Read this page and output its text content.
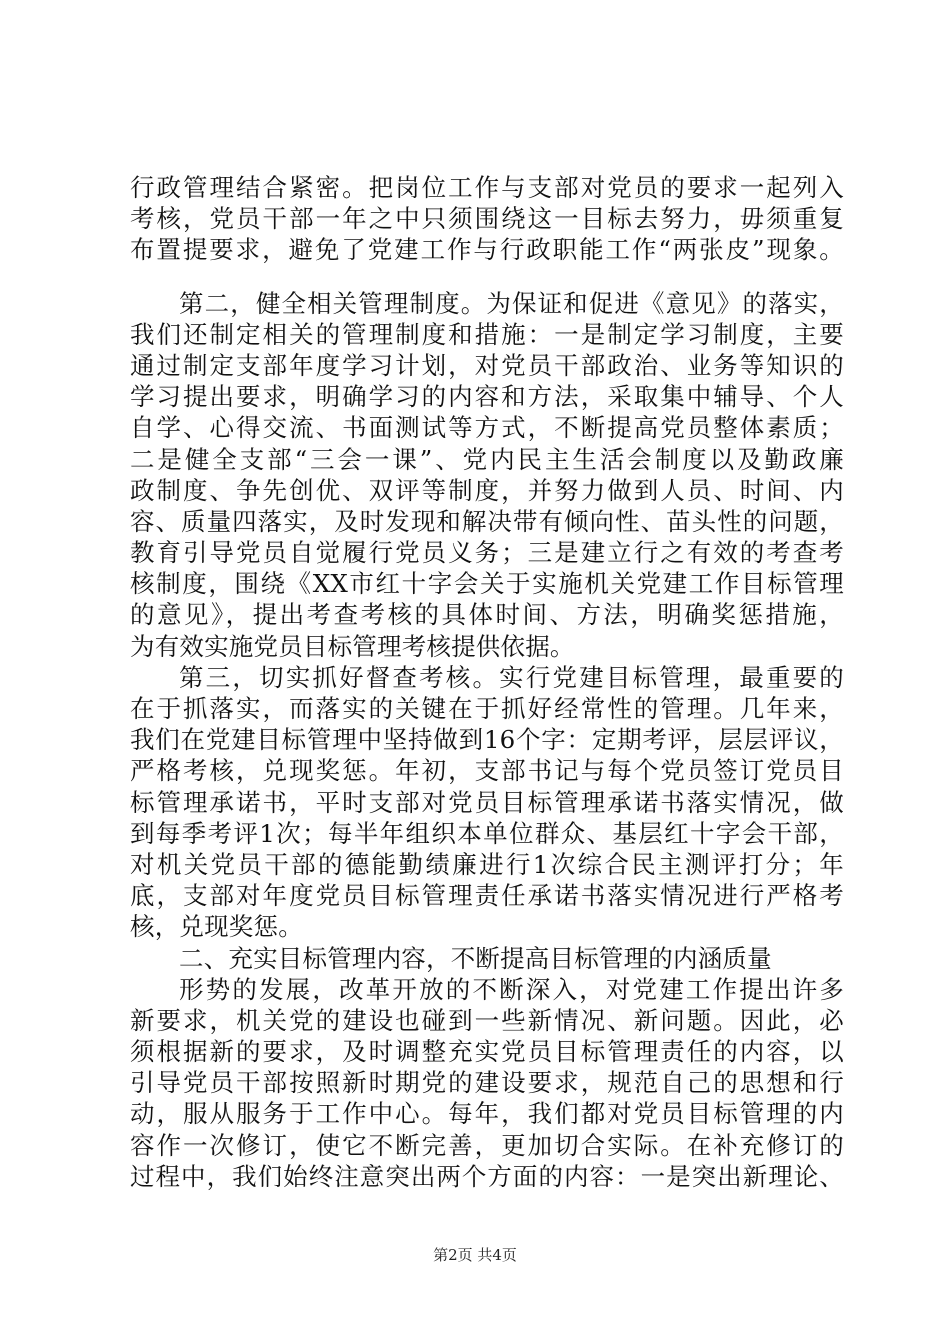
行政管理结合紧密。把岗位工作与支部对党员的要求一起列入
考核，党员干部一年之中只须围绕这一目标去努力，毋须重复
布置提要求，避免了党建工作与行政职能工作“两张皮”现象。
第二，健全相关管理制度。为保证和促进《意见》的落实，
我们还制定相关的管理制度和措施：一是制定学习制度，主要
通过制定支部年度学习计划，对党员干部政治、业务等知识的
学习提出要求，明确学习的内容和方法，采取集中辅导、个人
自学、心得交流、书面测试等方式，不断提高党员整体素质；
二是健全支部“三会一课”、党内民主生活会制度以及勤政廉
政制度、争先创优、双评等制度，并努力做到人员、时间、内
容、质量四落实，及时发现和解决带有倾向性、苗头性的问题，
教育引导党员自觉履行党员义务；三是建立行之有效的考查考
核制度，围绕《XX市红十字会关于实施机关党建工作目标管理
的意见》，提出考查考核的具体时间、方法，明确奖惩措施，
为有效实施党员目标管理考核提供依据。
第三，切实抓好督查考核。实行党建目标管理，最重要的
在于抓落实，而落实的关键在于抓好经常性的管理。几年来，
我们在党建目标管理中坚持做到16个字：定期考评，层层评议，
严格考核，兑现奖惩。年初，支部书记与每个党员签订党员目
标管理承诺书，平时支部对党员目标管理承诺书落实情况，做
到每季考评1次；每半年组织本单位群众、基层红十字会干部，
对机关党员干部的德能勤绩廉进行1次综合民主测评打分；年
底，支部对年度党员目标管理责任承诺书落实情况进行严格考
核，兑现奖惩。
二、充实目标管理内容，不断提高目标管理的内涵质量
形势的发展，改革开放的不断深入，对党建工作提出许多
新要求，机关党的建设也碰到一些新情况、新问题。因此，必
须根据新的要求，及时调整充实党员目标管理责任的内容，以
引导党员干部按照新时期党的建设要求，规范自己的思想和行
动，服从服务于工作中心。每年，我们都对党员目标管理的内
容作一次修订，使它不断完善，更加切合实际。在补充修订的
过程中，我们始终注意突出两个方面的内容：一是突出新理论、
第2页 共4页
